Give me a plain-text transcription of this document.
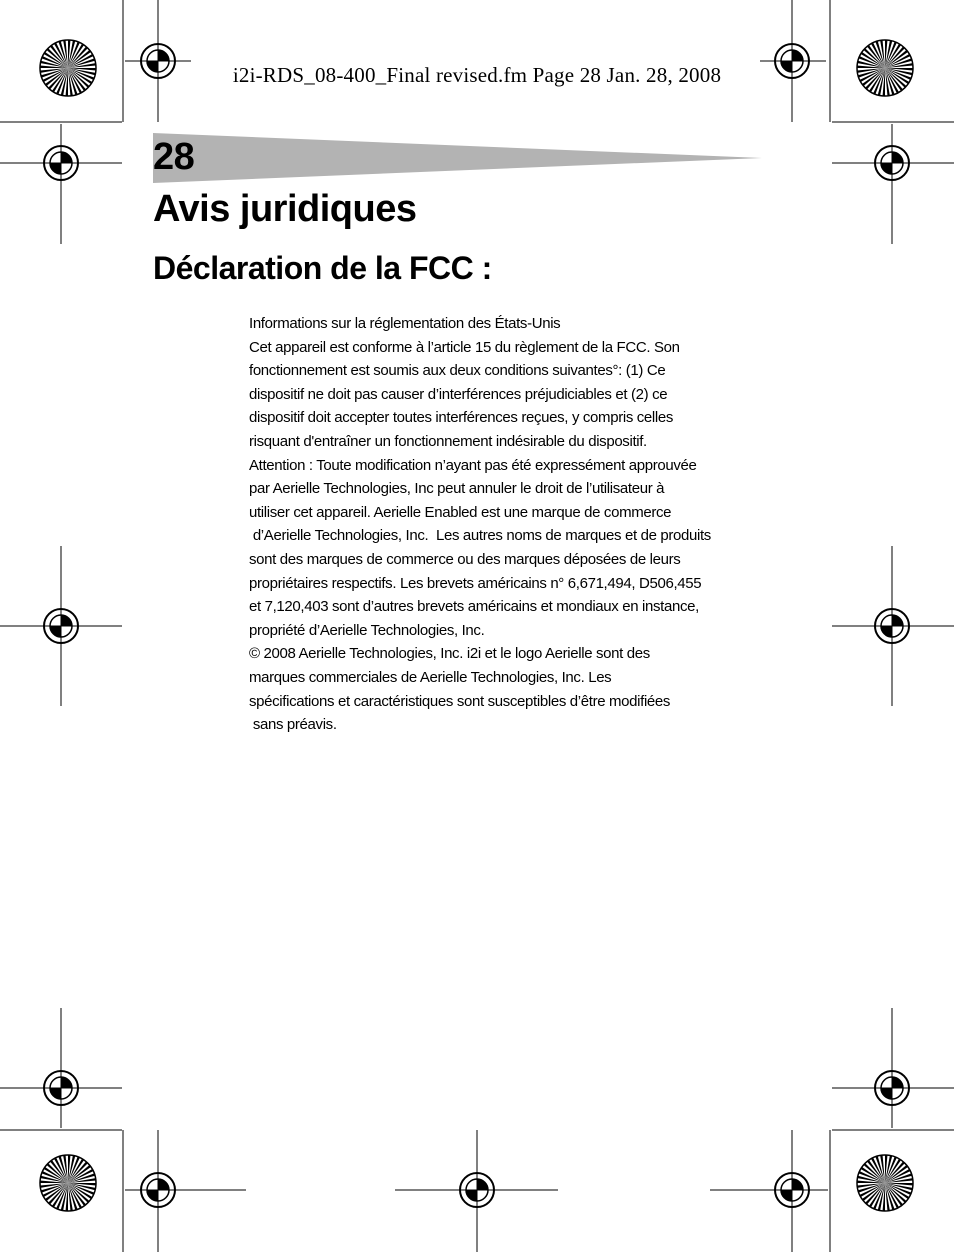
i2i-RDS_08-400_Final revised.fm Page 28 Jan. 28, 2008
28
Avis juridiques
Déclaration de la FCC :
Informations sur la réglementation des États-Unis
Cet appareil est conforme à l’article 15 du règlement de la FCC. Son
fonctionnement est soumis aux deux conditions suivantes°: (1) Ce
dispositif ne doit pas causer d’interférences préjudiciables et (2) ce
dispositif doit accepter toutes interférences reçues, y compris celles
risquant d'entraîner un fonctionnement indésirable du dispositif.
Attention : Toute modification n’ayant pas été expressément approuvée
par Aerielle Technologies, Inc peut annuler le droit de l’utilisateur à
utiliser cet appareil. Aerielle Enabled est une marque de commerce
d’Aerielle Technologies, Inc.  Les autres noms de marques et de produits
sont des marques de commerce ou des marques déposées de leurs
propriétaires respectifs. Les brevets américains n° 6,671,494, D506,455
et 7,120,403 sont d’autres brevets américains et mondiaux en instance,
propriété d’Aerielle Technologies, Inc.
© 2008 Aerielle Technologies, Inc. i2i et le logo Aerielle sont des
marques commerciales de Aerielle Technologies, Inc. Les
spécifications et caractéristiques sont susceptibles d’être modifiées
sans préavis.
